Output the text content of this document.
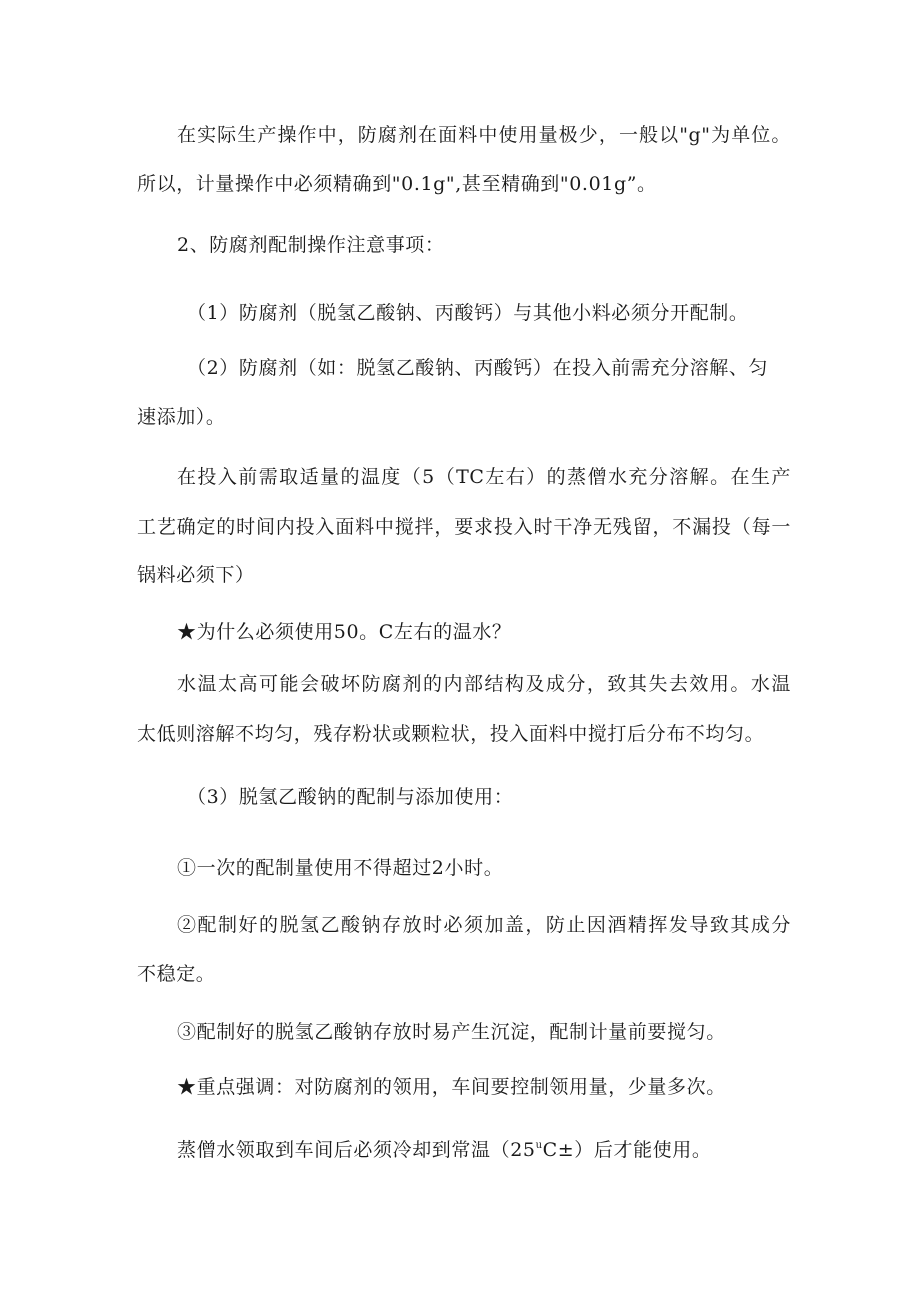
在实际生产操作中，防腐剂在面料中使用量极少，一般以"g"为单位。
所以，计量操作中必须精确到"0.1g",甚至精确到"0.01g”。
2、防腐剂配制操作注意事项：
（1）防腐剂（脱氢乙酸钠、丙酸钙）与其他小料必须分开配制。
（2）防腐剂（如：脱氢乙酸钠、丙酸钙）在投入前需充分溶解、匀
速添加）。
在投入前需取适量的温度（5（TC左右）的蒸僧水充分溶解。在生产
工艺确定的时间内投入面料中搅拌，要求投入时干净无残留，不漏投（每一
锅料必须下）
★为什么必须使用50。C左右的温水？
水温太高可能会破坏防腐剂的内部结构及成分，致其失去效用。水温
太低则溶解不均匀，残存粉状或颗粒状，投入面料中搅打后分布不均匀。
（3）脱氢乙酸钠的配制与添加使用：
①一次的配制量使用不得超过2小时。
②配制好的脱氢乙酸钠存放时必须加盖，防止因酒精挥发导致其成分
不稳定。
③配制好的脱氢乙酸钠存放时易产生沉淀，配制计量前要搅匀。
★重点强调：对防腐剂的领用，车间要控制领用量，少量多次。
蒸僧水领取到车间后必须冷却到常温$(25^uC\pm)$后才能使用。
